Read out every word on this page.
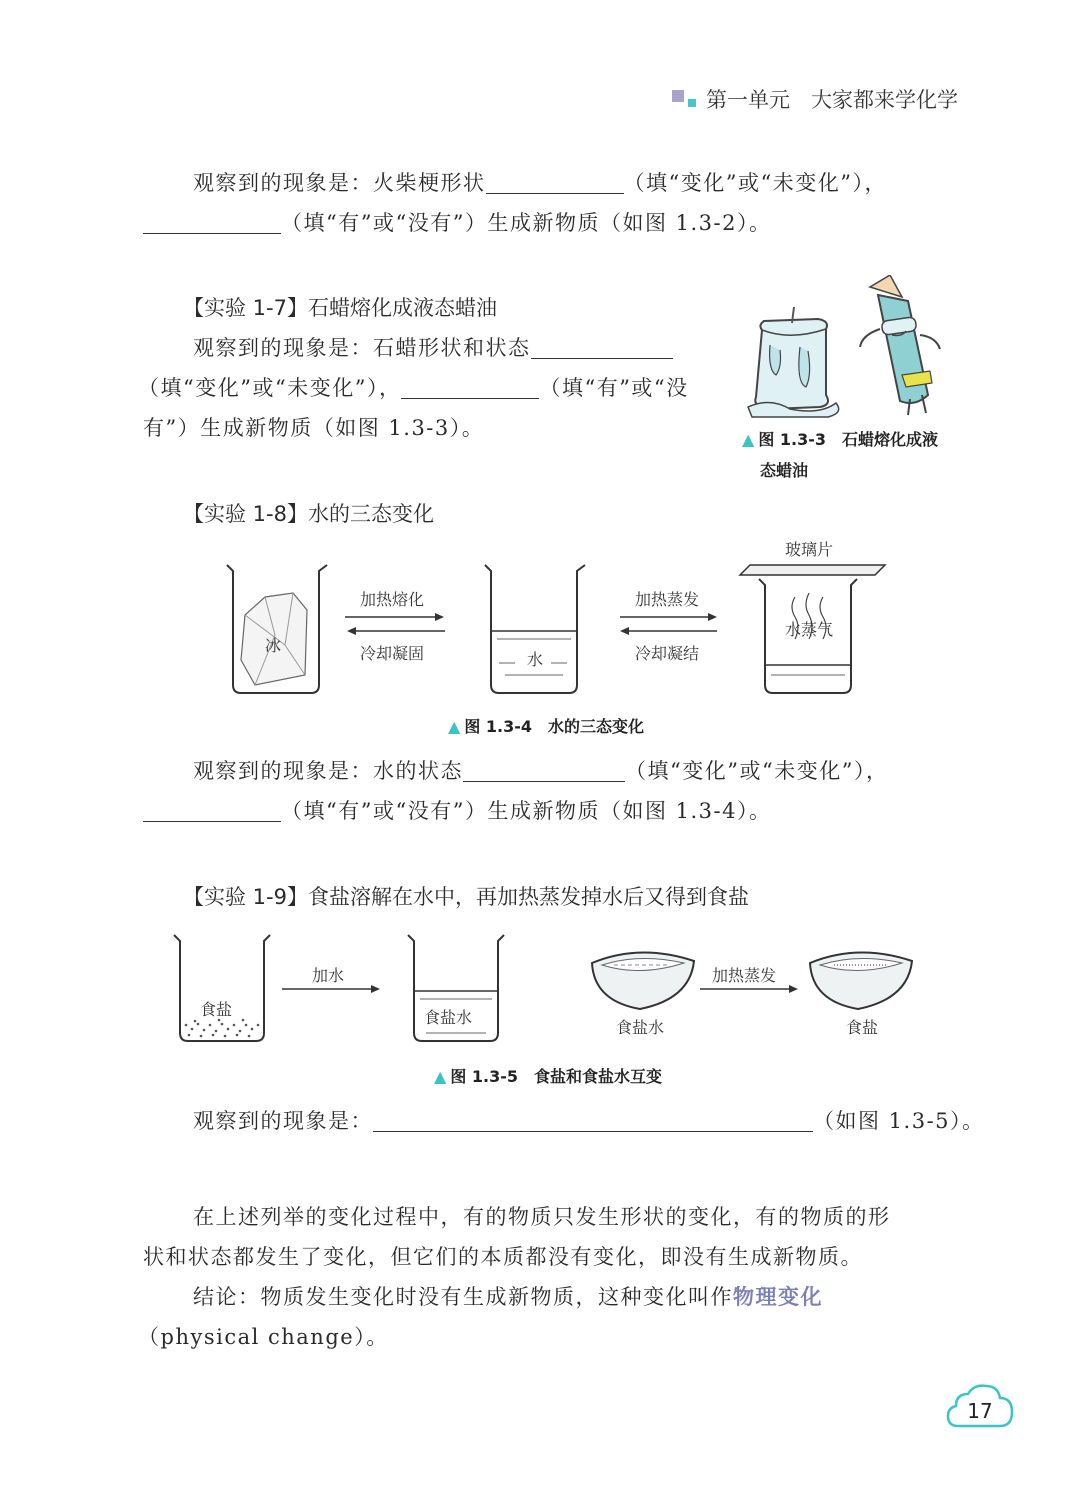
第一单元　大家都来学化学
观察到的现象是：火柴梗形状	（填“变化”或“未变化”），
（填“有”或“没有”）生成新物质（如图 1.3-2）。
【实验 1-7】石蜡熔化成液态蜡油
观察到的现象是：石蜡形状和状态
（填“变化”或“未变化”），	（填“有”或“没
有”）生成新物质（如图 1.3-3）。	▲ 图 1.3-3　石蜡熔化成液
态蜡油
【实验 1-8】水的三态变化
冰
加热熔化
冷却凝固	水
加热蒸发
冷却凝结
玻璃片
水蒸气
▲ 图 1.3-4　水的三态变化
观察到的现象是：水的状态	（填“变化”或“未变化”），
（填“有”或“没有”）生成新物质（如图 1.3-4）。
【实验 1-9】食盐溶解在水中，再加热蒸发掉水后又得到食盐
食盐
加水
食盐水
食盐水
加热蒸发
食盐
▲ 图 1.3-5　食盐和食盐水互变
观察到的现象是：	（如图 1.3-5）。
在上述列举的变化过程中，有的物质只发生形状的变化，有的物质的形
状和状态都发生了变化，但它们的本质都没有变化，即没有生成新物质。
结论：物质发生变化时没有生成新物质，这种变化叫作物理变化
（physical change）。
17
